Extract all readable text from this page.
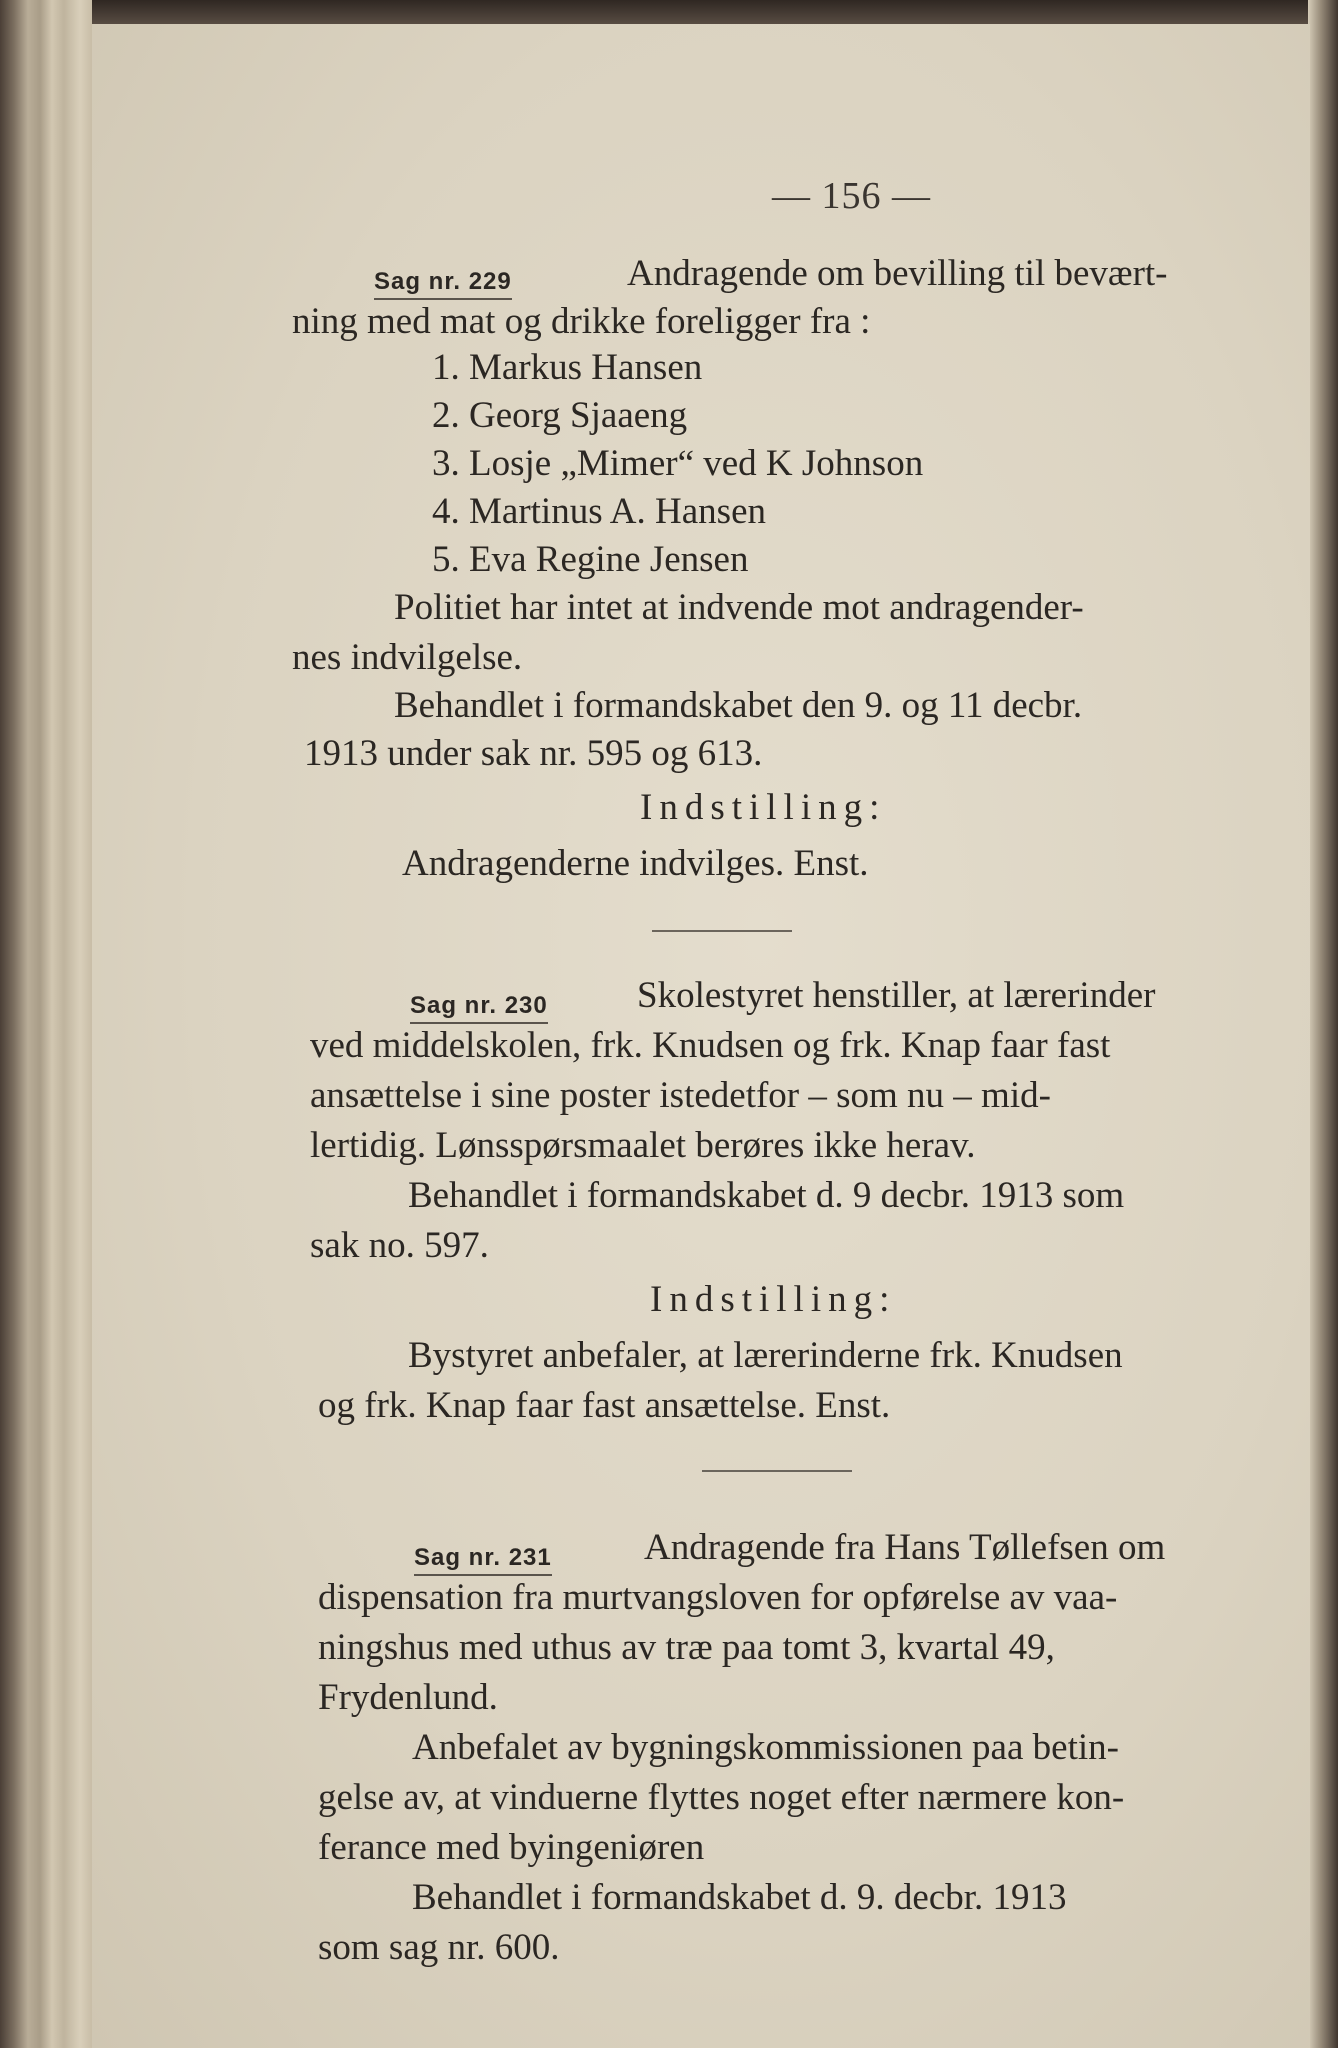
— 156 —
Sag nr. 229	Andragende om bevilling til bevært-
ning med mat og drikke foreligger fra :
1. Markus Hansen
2. Georg Sjaaeng
3. Losje „Mimer“ ved K Johnson
4. Martinus A. Hansen
5. Eva Regine Jensen
Politiet har intet at indvende mot andragender-
nes indvilgelse.
Behandlet i formandskabet den 9. og 11 decbr.
1913 under sak nr. 595 og 613.
Indstilling:
Andragenderne indvilges. Enst.
Sag nr. 230 Skolestyret henstiller, at lærerinder
ved middelskolen, frk. Knudsen og frk. Knap faar fast
ansættelse i sine poster istedetfor – som nu – mid-
lertidig. Lønsspørsmaalet berøres ikke herav.
Behandlet i formandskabet d. 9 decbr. 1913 som
sak no. 597.
Indstilling:
Bystyret anbefaler, at lærerinderne frk. Knudsen
og frk. Knap faar fast ansættelse. Enst.
Sag nr. 231 Andragende fra Hans Tøllefsen om
dispensation fra murtvangsloven for opførelse av vaa-
ningshus med uthus av træ paa tomt 3, kvartal 49,
Frydenlund.
Anbefalet av bygningskommissionen paa betin-
gelse av, at vinduerne flyttes noget efter nærmere kon-
ferance med byingeniøren
Behandlet i formandskabet d. 9. decbr. 1913
som sag nr. 600.
